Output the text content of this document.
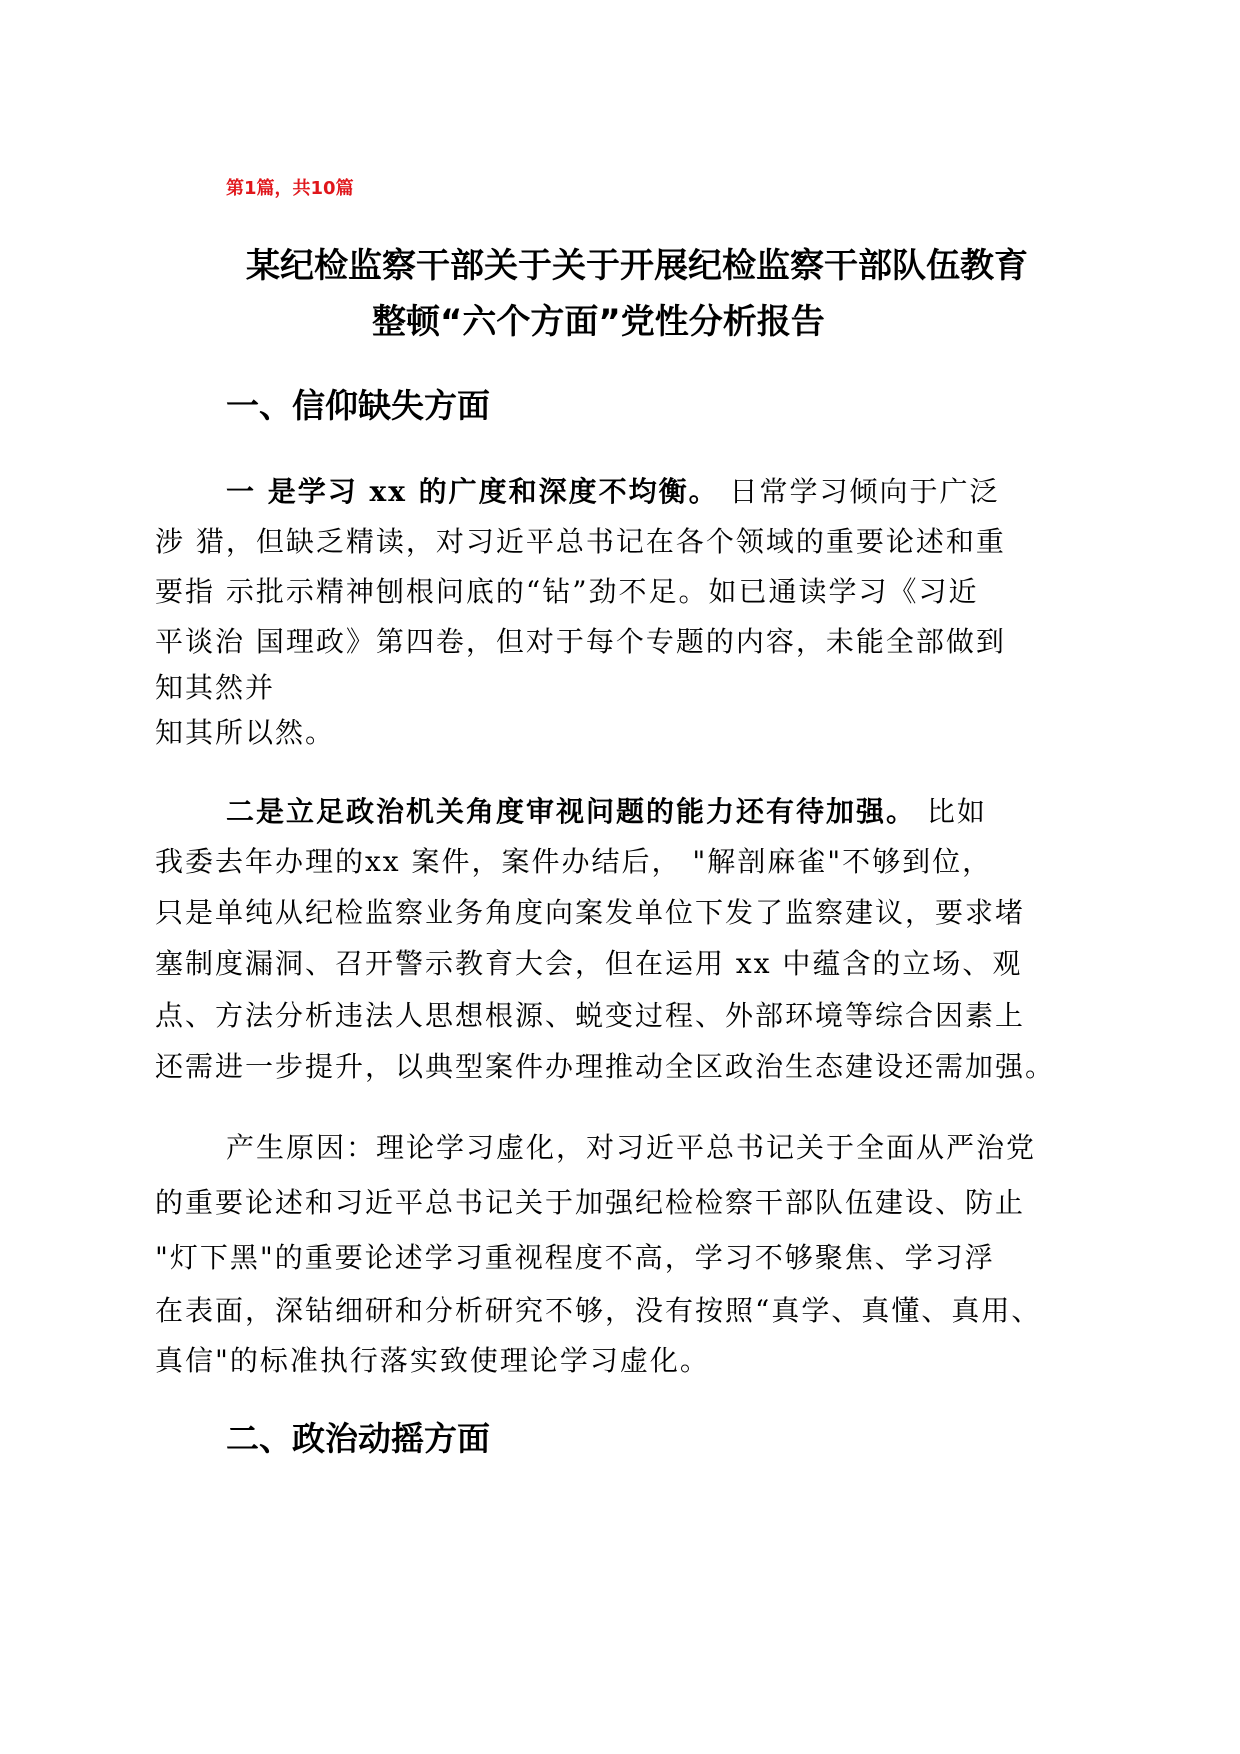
第1篇，共10篇
某纪检监察干部关于关于开展纪检监察干部队伍教育
整顿“六个方面”党性分析报告
一、信仰缺失方面
一 是学习 xx 的广度和深度不均衡。 日常学习倾向于广泛
涉 猎，但缺乏精读，对习近平总书记在各个领域的重要论述和重
要指 示批示精神刨根问底的“钻”劲不足。如已通读学习《习近
平谈治 国理政》第四卷，但对于每个专题的内容，未能全部做到
知其然并
知其所以然。
二是立足政治机关角度审视问题的能力还有待加强。 比如
我委去年办理的xx 案件，案件办结后， "解剖麻雀"不够到位，
只是单纯从纪检监察业务角度向案发单位下发了监察建议，要求堵
塞制度漏洞、召开警示教育大会，但在运用 xx 中蕴含的立场、观
点、方法分析违法人思想根源、蜕变过程、外部环境等综合因素上
还需进一步提升，以典型案件办理推动全区政治生态建设还需加强。
产生原因：理论学习虚化，对习近平总书记关于全面从严治党
的重要论述和习近平总书记关于加强纪检检察干部队伍建设、防止
"灯下黑"的重要论述学习重视程度不高，学习不够聚焦、学习浮
在表面，深钻细研和分析研究不够，没有按照“真学、真懂、真用、
真信"的标准执行落实致使理论学习虚化。
二、政治动摇方面
